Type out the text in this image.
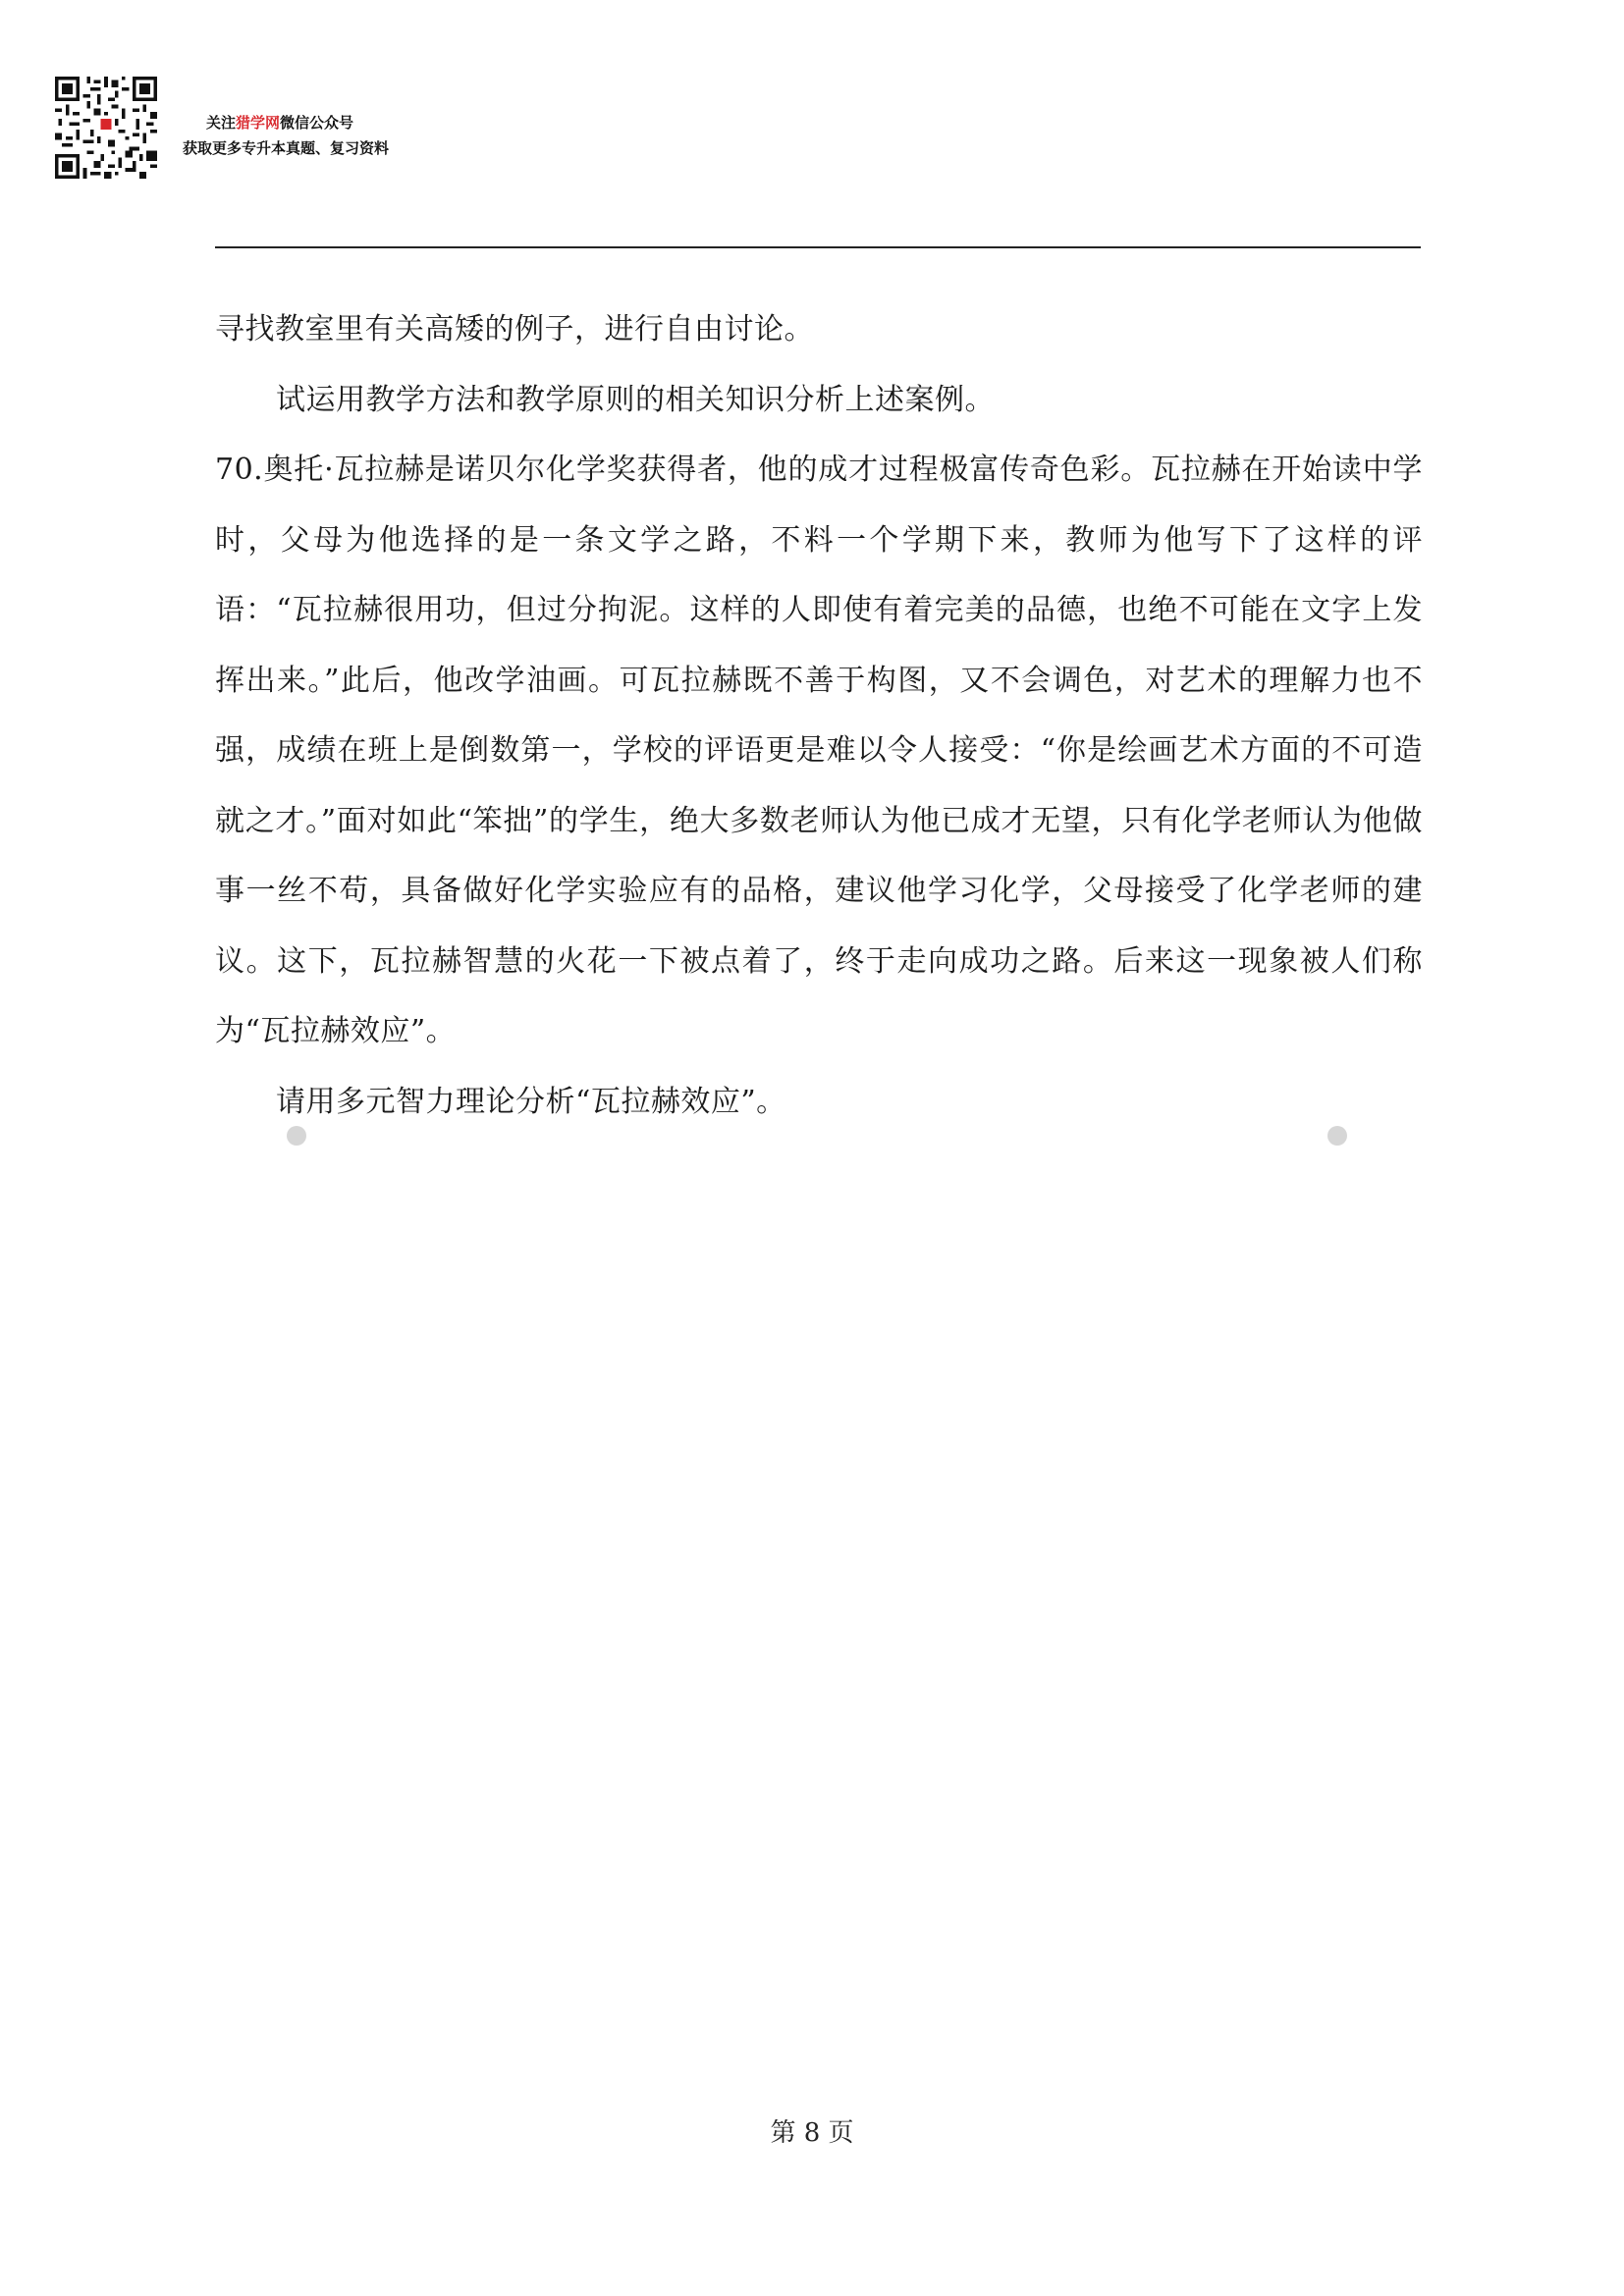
关注猎学网微信公众号
获取更多专升本真题、复习资料

寻找教室里有关高矮的例子，进行自由讨论。

试运用教学方法和教学原则的相关知识分析上述案例。

70.奥托·瓦拉赫是诺贝尔化学奖获得者，他的成才过程极富传奇色彩。瓦拉赫在开始读中学时，父母为他选择的是一条文学之路，不料一个学期下来，教师为他写下了这样的评语：“瓦拉赫很用功，但过分拘泥。这样的人即使有着完美的品德，也绝不可能在文字上发挥出来。”此后，他改学油画。可瓦拉赫既不善于构图，又不会调色，对艺术的理解力也不强，成绩在班上是倒数第一，学校的评语更是难以令人接受：“你是绘画艺术方面的不可造就之才。”面对如此“笨拙”的学生，绝大多数老师认为他已成才无望，只有化学老师认为他做事一丝不苟，具备做好化学实验应有的品格，建议他学习化学，父母接受了化学老师的建议。这下，瓦拉赫智慧的火花一下被点着了，终于走向成功之路。后来这一现象被人们称为“瓦拉赫效应”。

请用多元智力理论分析“瓦拉赫效应”。

第 8 页
